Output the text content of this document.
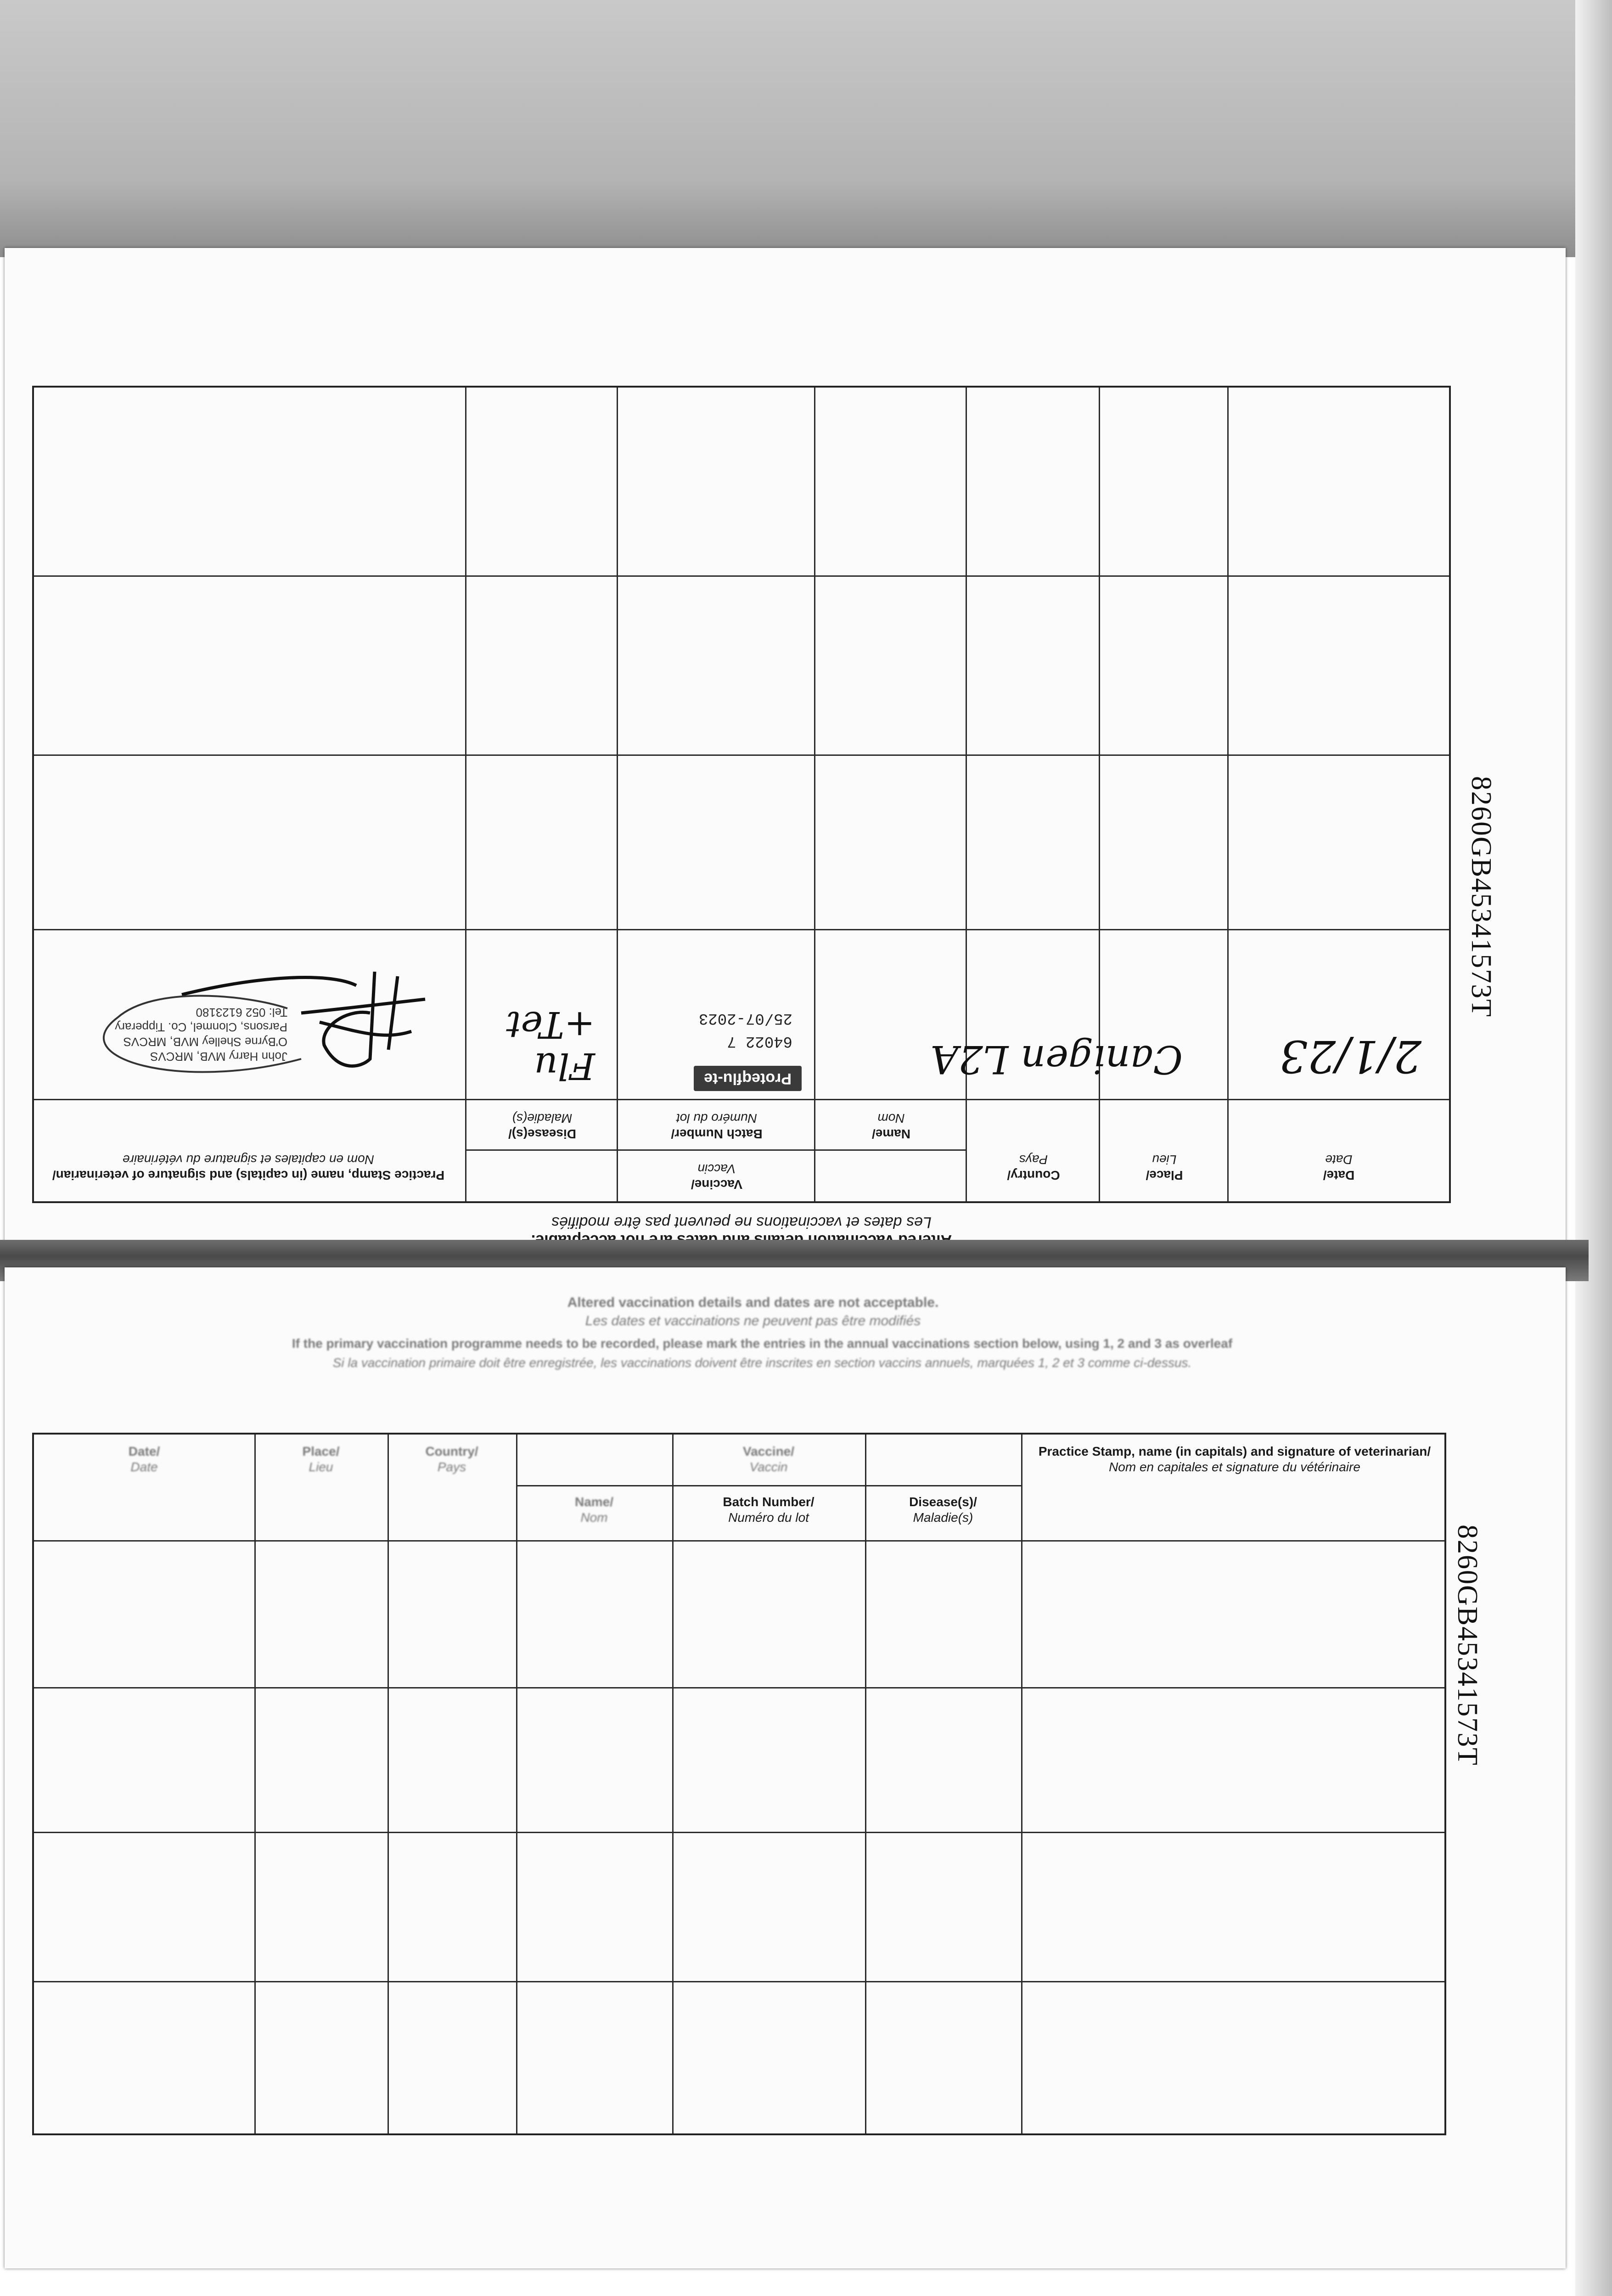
8260GB45341573T
Les dates et vaccinations ne peuvent pas être modifiés
Date/
Date
Place/
Lieu
Country/
Pays
Vaccine/
Vaccin
Name/
Nom
Batch Number/
Numéro du lot
Disease(s)/
Maladie(s)
Practice Stamp, name (in capitals) and signature of veterinarian/
Nom en capitales et signature du vétérinaire
2/1/23
Canigen L2A
Proteqflu-te
64022 7
25/07-2023
Flu +Tet
John Harry MVB, MRCVS
O'Byrne Shelley MVB, MRCVS
Parsons, Clonmel, Co. Tipperary
Tel: 052 6123180
Altered vaccination details and dates are not acceptable.
Les dates et vaccinations ne peuvent pas être modifiés
If the primary vaccination programme needs to be recorded, please mark the entries in the annual vaccinations section below, using 1, 2 and 3 as overleaf
Si la vaccination primaire doit être enregistrée, les vaccinations doivent être inscrites en section vaccins annuels, marquées 1, 2 et 3 comme ci-dessus.
8260GB45341573T
Date/
Date
Place/
Lieu
Country/
Pays
Vaccine/
Vaccin
Name/
Nom
Batch Number/
Numéro du lot
Disease(s)/
Maladie(s)
Practice Stamp, name (in capitals) and signature of veterinarian/
Nom en capitales et signature du vétérinaire
